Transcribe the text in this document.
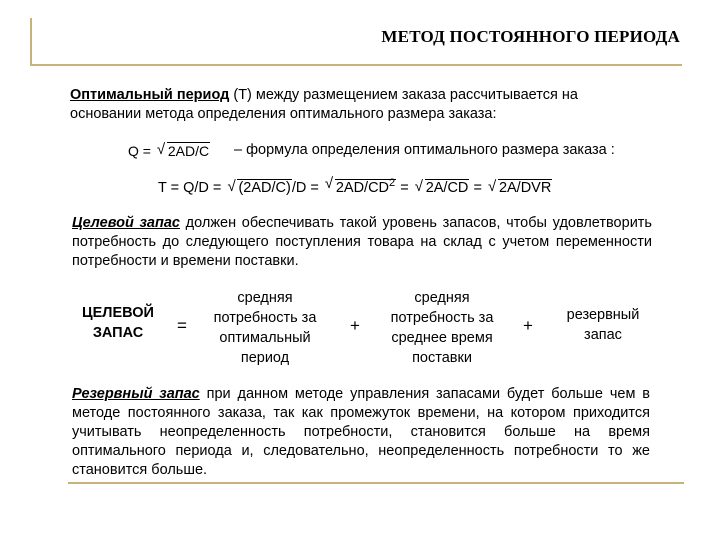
МЕТОД ПОСТОЯННОГО ПЕРИОДА
Оптимальный период (Т) между размещением заказа рассчитывается на
основании метода определения оптимального размера заказа:
Q = √ 2AD/C – формула определения оптимального размера заказа :
T = Q/D = √ (2AD/C)/D = √ $2AD/CD^2$ = √ 2A/CD = √ 2A/DVR
Целевой запас должен обеспечивать такой уровень запасов, чтобы удовлетворить потребность до следующего поступления товара на склад с учетом переменности потребности и времени поставки.
ЦЕЛЕВОЙ ЗАПАС	=
средняя потребность за оптимальный период
+
средняя потребность за среднее время поставки
+
резервный запас
Резервный запас при данном методе управления запасами будет больше чем в методе постоянного заказа, так как промежуток времени, на котором приходится учитывать неопределенность потребности, становится больше на время оптимального периода и, следовательно, неопределенность потребности то же становится больше.
